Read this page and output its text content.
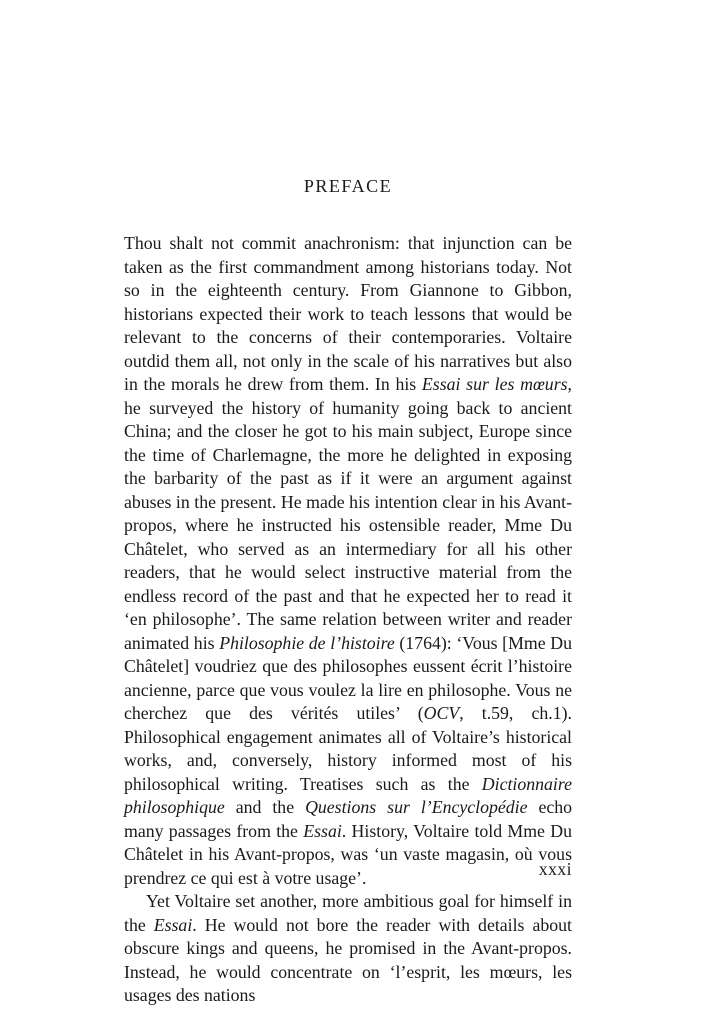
PREFACE

Thou shalt not commit anachronism: that injunction can be taken as the first commandment among historians today. Not so in the eighteenth century. From Giannone to Gibbon, historians expected their work to teach lessons that would be relevant to the concerns of their contemporaries. Voltaire outdid them all, not only in the scale of his narratives but also in the morals he drew from them. In his Essai sur les mœurs, he surveyed the history of humanity going back to ancient China; and the closer he got to his main subject, Europe since the time of Charlemagne, the more he delighted in exposing the barbarity of the past as if it were an argument against abuses in the present. He made his intention clear in his Avant-propos, where he instructed his ostensible reader, Mme Du Châtelet, who served as an intermediary for all his other readers, that he would select instructive material from the endless record of the past and that he expected her to read it ‘en philosophe’. The same relation between writer and reader animated his Philosophie de l’histoire (1764): ‘Vous [Mme Du Châtelet] voudriez que des philosophes eussent écrit l’histoire ancienne, parce que vous voulez la lire en philosophe. Vous ne cherchez que des vérités utiles’ (OCV, t.59, ch.1). Philosophical engagement animates all of Voltaire’s historical works, and, conversely, history informed most of his philosophical writing. Treatises such as the Dictionnaire philosophique and the Questions sur l’Encyclopédie echo many passages from the Essai. History, Voltaire told Mme Du Châtelet in his Avant-propos, was ‘un vaste magasin, où vous prendrez ce qui est à votre usage’.

Yet Voltaire set another, more ambitious goal for himself in the Essai. He would not bore the reader with details about obscure kings and queens, he promised in the Avant-propos. Instead, he would concentrate on ‘l’esprit, les mœurs, les usages des nations

xxxi
